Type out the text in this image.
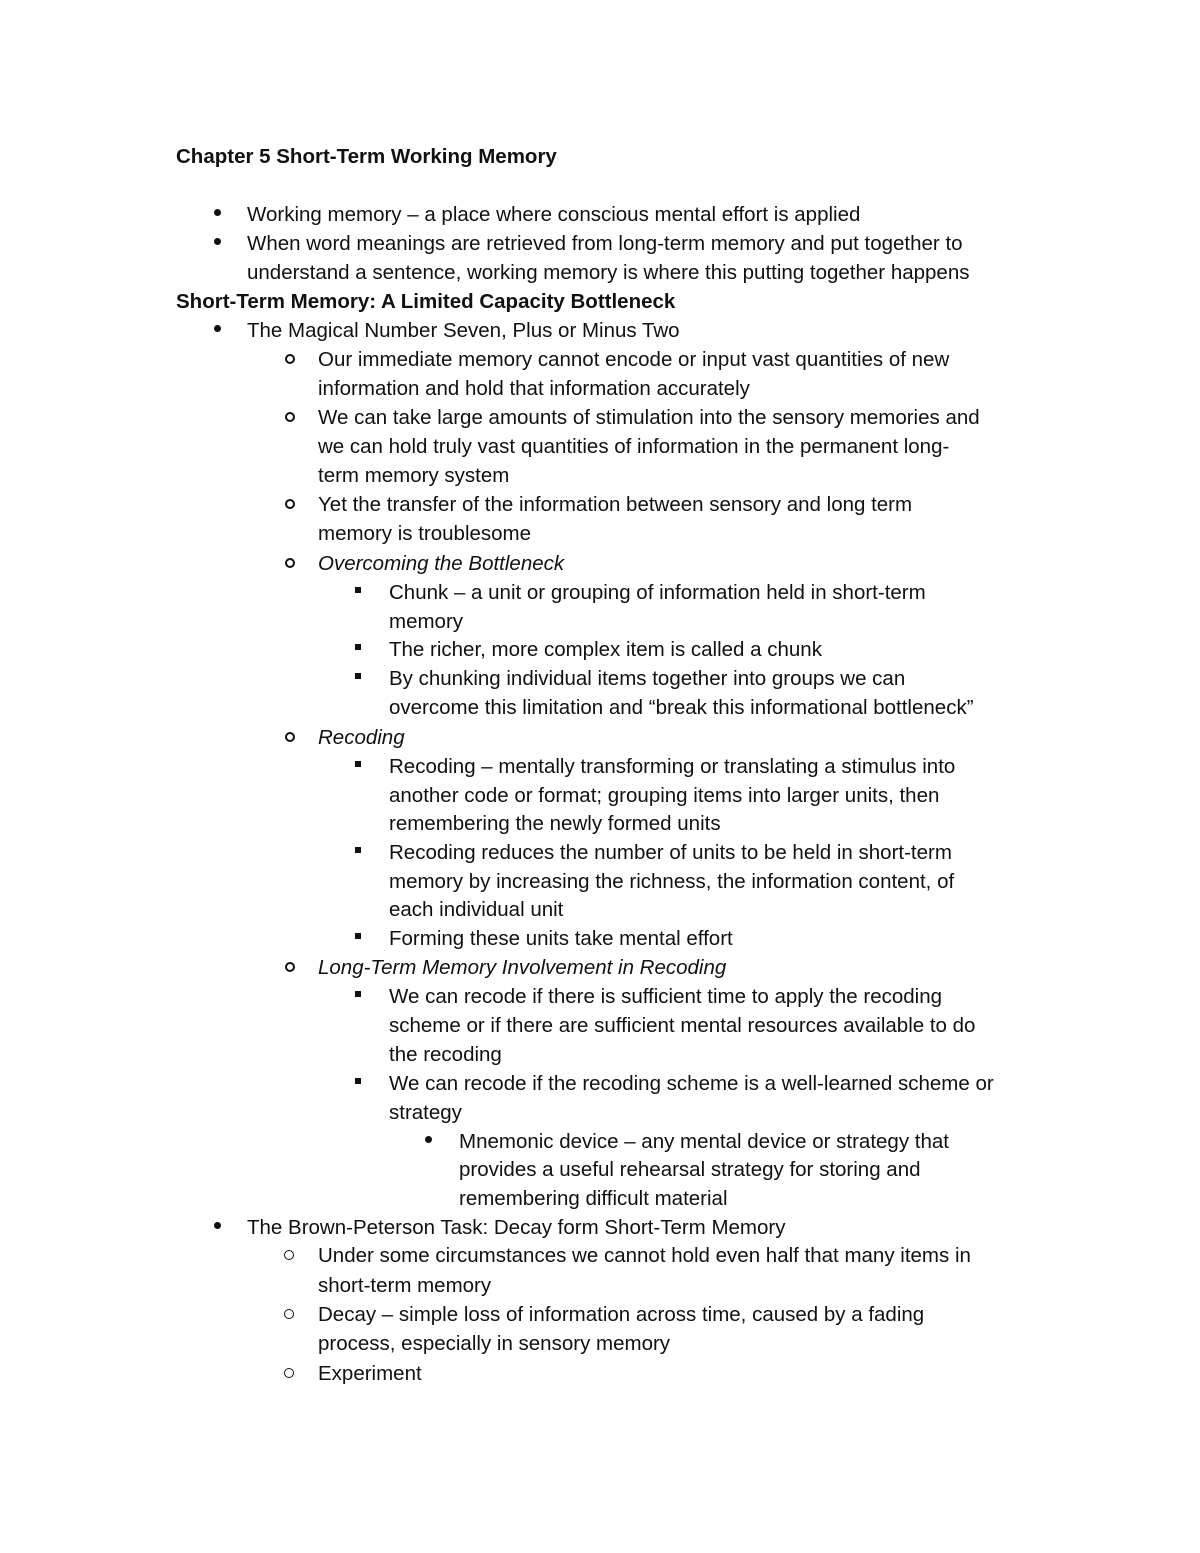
Chapter 5 Short-Term Working Memory
Working memory – a place where conscious mental effort is applied
When word meanings are retrieved from long-term memory and put together to
understand a sentence, working memory is where this putting together happens
Short-Term Memory: A Limited Capacity Bottleneck
The Magical Number Seven, Plus or Minus Two
Our immediate memory cannot encode or input vast quantities of new
information and hold that information accurately
We can take large amounts of stimulation into the sensory memories and
we can hold truly vast quantities of information in the permanent long-
term memory system
Yet the transfer of the information between sensory and long term
memory is troublesome
Overcoming the Bottleneck
Chunk – a unit or grouping of information held in short-term
memory
The richer, more complex item is called a chunk
By chunking individual items together into groups we can
overcome this limitation and “break this informational bottleneck”
Recoding
Recoding – mentally transforming or translating a stimulus into
another code or format; grouping items into larger units, then
remembering the newly formed units
Recoding reduces the number of units to be held in short-term
memory by increasing the richness, the information content, of
each individual unit
Forming these units take mental effort
Long-Term Memory Involvement in Recoding
We can recode if there is sufficient time to apply the recoding
scheme or if there are sufficient mental resources available to do
the recoding
We can recode if the recoding scheme is a well-learned scheme or
strategy
Mnemonic device – any mental device or strategy that
provides a useful rehearsal strategy for storing and
remembering difficult material
The Brown-Peterson Task: Decay form Short-Term Memory
Under some circumstances we cannot hold even half that many items in
short-term memory
Decay – simple loss of information across time, caused by a fading
process, especially in sensory memory
Experiment
